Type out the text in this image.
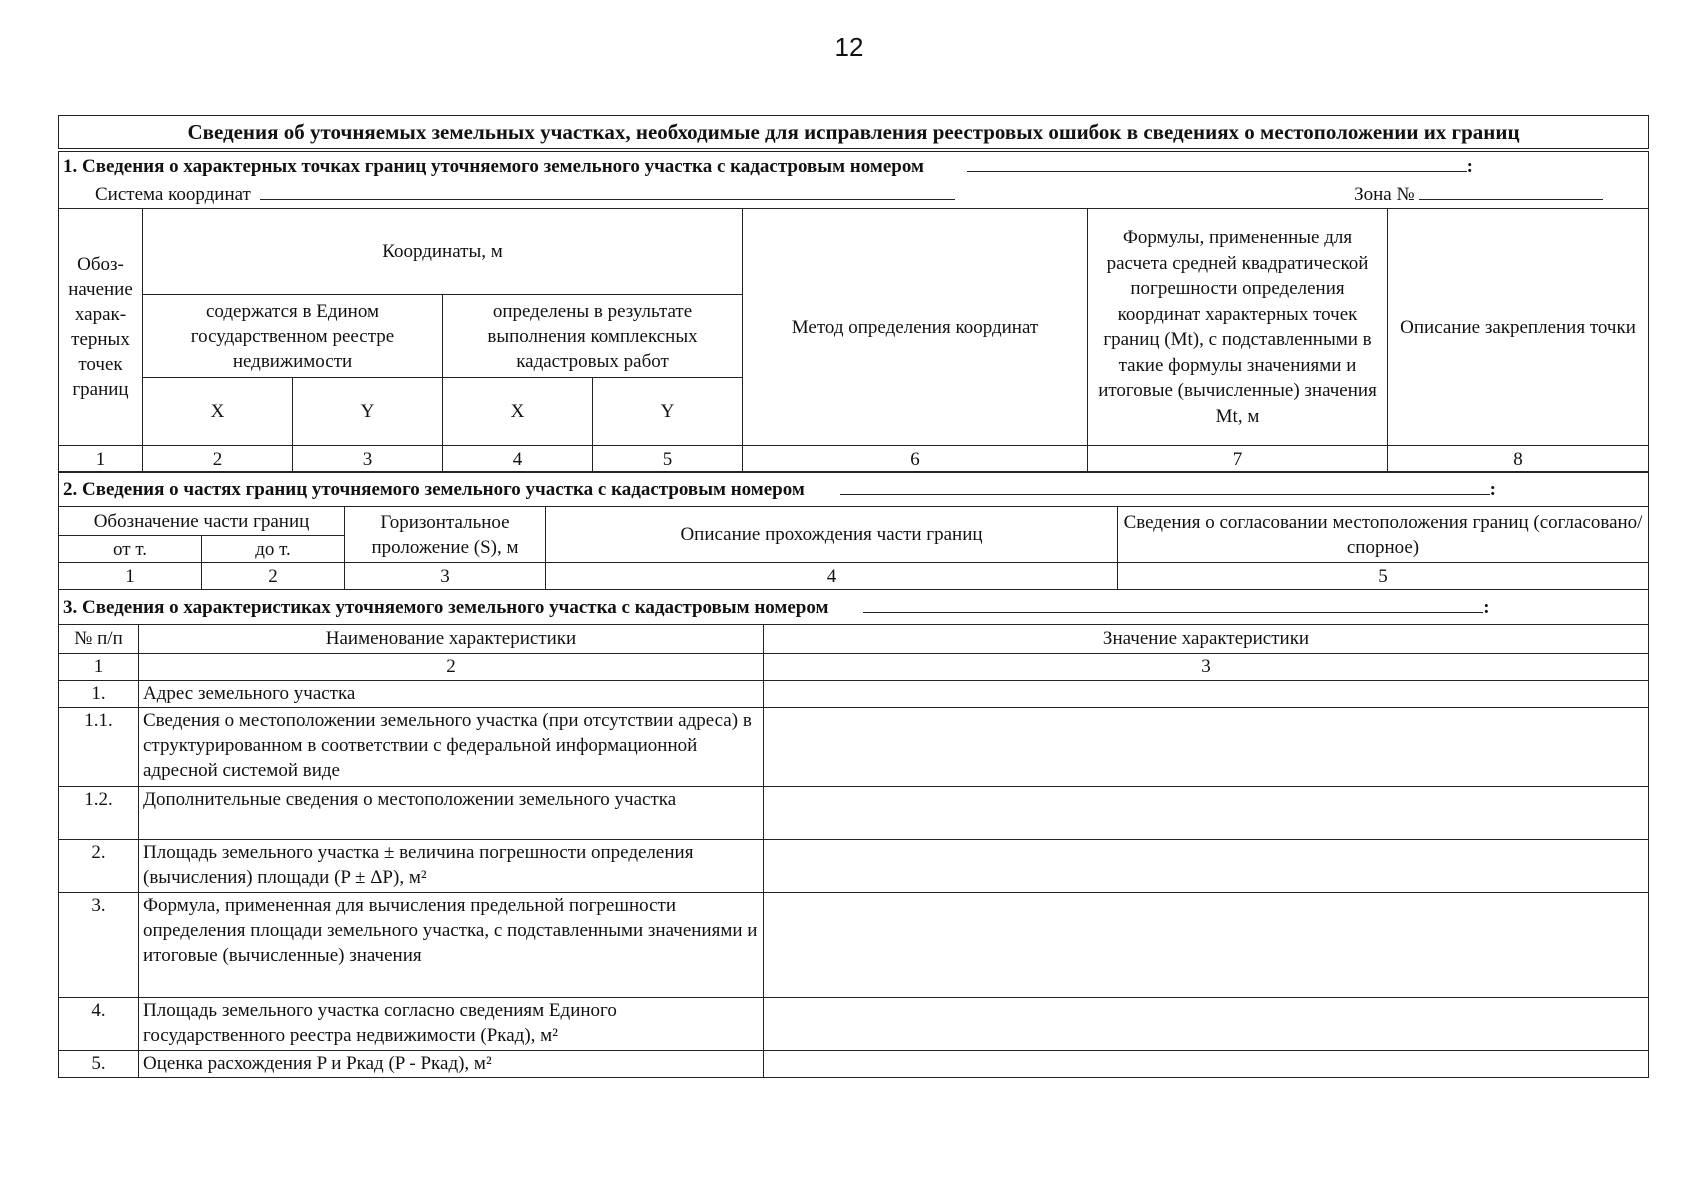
12
Сведения об уточняемых земельных участках, необходимые для исправления реестровых ошибок в сведениях о местоположении их границ							
1. Сведения о характерных точках границ уточняемого земельного участка с кадастровым номером :							
Система координат Зона №							
Обоз-начение харак-терных точек границ	Координаты, м				Метод определения координат	Формулы, примененные для расчета средней квадратической погрешности определения координат характерных точек границ (Mt), с подставленными в такие формулы значениями и итоговые (вычисленные) значения Mt, м	Описание закрепления точки
	содержатся в Едином государственном реестре недвижимости		определены в результате выполнения комплексных кадастровых работ				
	X	Y	X	Y			
1	2	3	4	5	6	7	8
2. Сведения о частях границ уточняемого земельного участка с кадастровым номером :				
Обозначение части границ		Горизонтальное проложение (S), м	Описание прохождения части границ	Сведения о согласовании местоположения границ (согласовано/спорное)
от т.	до т.			
1	2	3	4	5
3. Сведения о характеристиках уточняемого земельного участка с кадастровым номером :		
№ п/п	Наименование характеристики	Значение характеристики
1	2	3
1.	Адрес земельного участка	
1.1.	Сведения о местоположении земельного участка (при отсутствии адреса) в структурированном в соответствии с федеральной информационной адресной системой виде	
1.2.	Дополнительные сведения о местоположении земельного участка	
2.	Площадь земельного участка ± величина погрешности определения (вычисления) площади (P ± ΔP), м²	
3.	Формула, примененная для вычисления предельной погрешности определения площади земельного участка, с подставленными значениями и итоговые (вычисленные) значения	
4.	Площадь земельного участка согласно сведениям Единого государственного реестра недвижимости (Ркад), м²	
5.	Оценка расхождения P и Ркад (P - Ркад), м²	
